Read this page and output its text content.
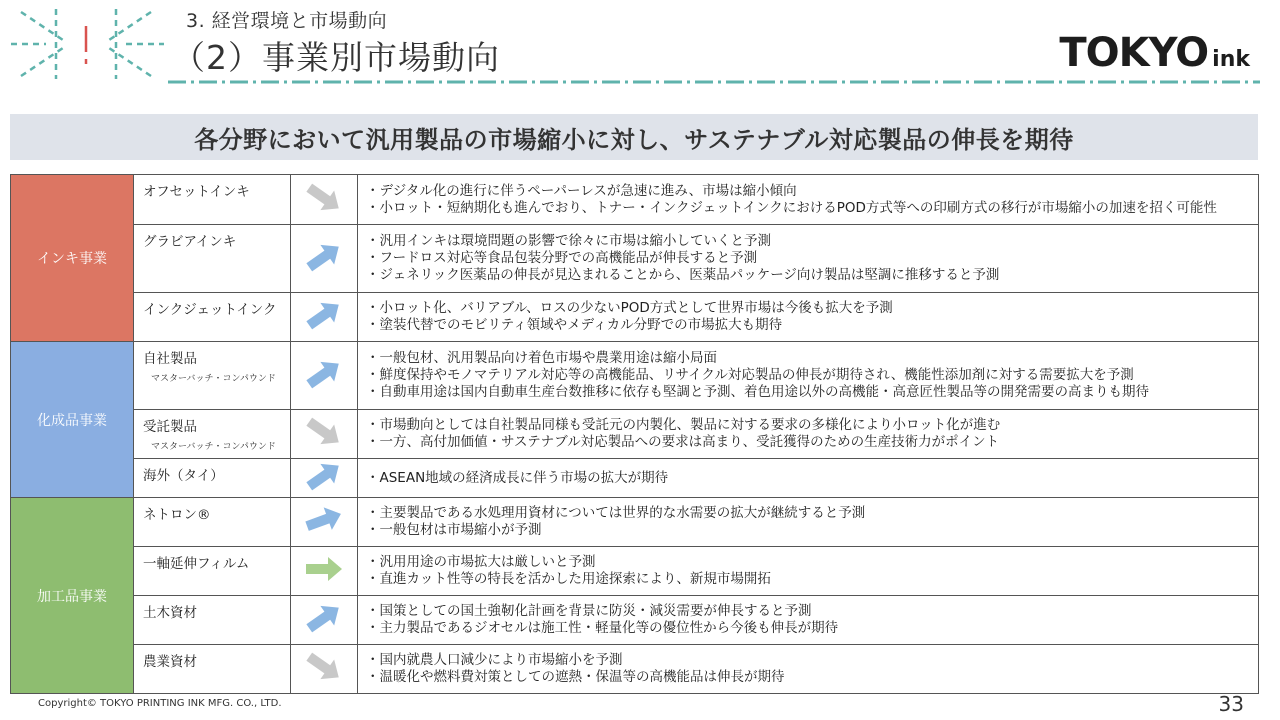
3. 経営環境と市場動向
（2）事業別市場動向	TOKYO ink
各分野において汎用製品の市場縮小に対し、サステナブル対応製品の伸長を期待
インキ事業	オフセットインキ		・デジタル化の進行に伴うペーパーレスが急速に進み、市場は縮小傾向
・小ロット・短納期化も進んでおり、トナー・インクジェットインクにおけるPOD方式等への印刷方式の移行が市場縮小の加速を招く可能性

	グラビアインキ		・汎用インキは環境問題の影響で徐々に市場は縮小していくと予測
・フードロス対応等食品包装分野での高機能品が伸長すると予測
・ジェネリック医薬品の伸長が見込まれることから、医薬品パッケージ向け製品は堅調に推移すると予測

	インクジェットインク		・小ロット化、バリアブル、ロスの少ないPOD方式として世界市場は今後も拡大を予測
・塗装代替でのモビリティ領域やメディカル分野での市場拡大も期待

化成品事業	自社製品
マスターバッチ・コンパウンド		・一般包材、汎用製品向け着色市場や農業用途は縮小局面
・鮮度保持やモノマテリアル対応等の高機能品、リサイクル対応製品の伸長が期待され、機能性添加剤に対する需要拡大を予測
・自動車用途は国内自動車生産台数推移に依存も堅調と予測、着色用途以外の高機能・高意匠性製品等の開発需要の高まりも期待

	受託製品
マスターバッチ・コンパウンド		・市場動向としては自社製品同様も受託元の内製化、製品に対する要求の多様化により小ロット化が進む
・一方、高付加価値・サステナブル対応製品への要求は高まり、受託獲得のための生産技術力がポイント

	海外（タイ）		・ASEAN地域の経済成長に伴う市場の拡大が期待

加工品事業	ネトロン®		・主要製品である水処理用資材については世界的な水需要の拡大が継続すると予測
・一般包材は市場縮小が予測

	一軸延伸フィルム		・汎用用途の市場拡大は厳しいと予測
・直進カット性等の特長を活かした用途探索により、新規市場開拓

	土木資材		・国策としての国土強靭化計画を背景に防災・減災需要が伸長すると予測
・主力製品であるジオセルは施工性・軽量化等の優位性から今後も伸長が期待

	農業資材		・国内就農人口減少により市場縮小を予測
・温暖化や燃料費対策としての遮熱・保温等の高機能品は伸長が期待
Copyright© TOKYO PRINTING INK MFG. CO., LTD.	33
